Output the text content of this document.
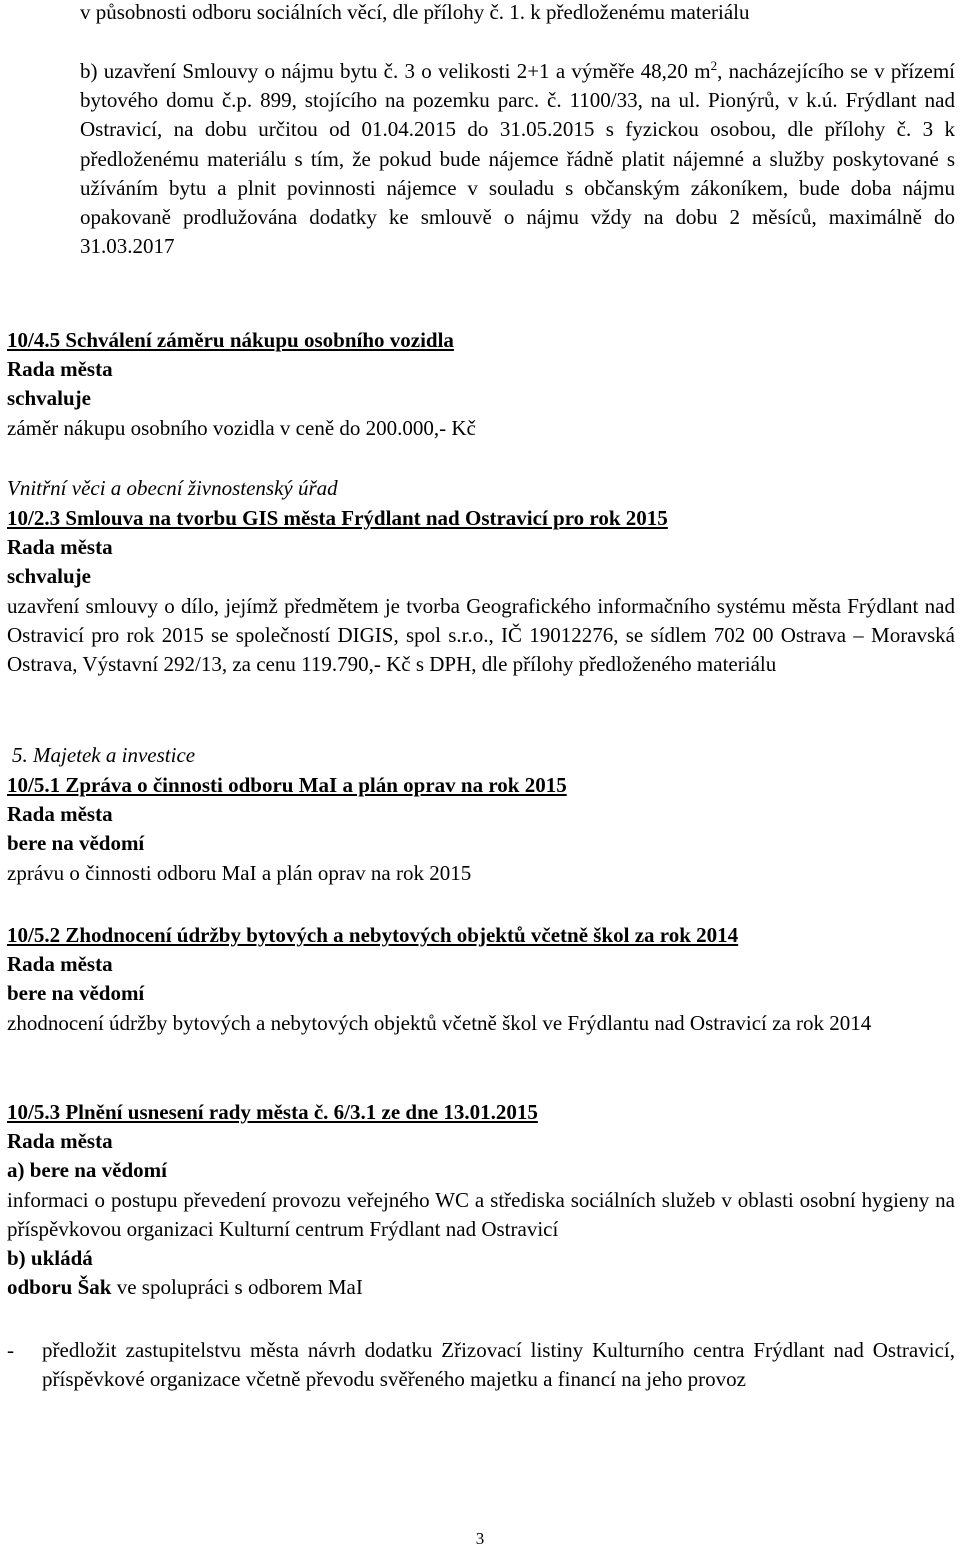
v působnosti odboru sociálních věcí, dle přílohy č. 1. k předloženému materiálu

b) uzavření Smlouvy o nájmu bytu č. 3 o velikosti 2+1 a výměře 48,20 $m^2$, nacházejícího se v přízemí bytového domu č.p. 899, stojícího na pozemku parc. č. 1100/33, na ul. Pionýrů, v k.ú. Frýdlant nad Ostravicí, na dobu určitou od 01.04.2015 do 31.05.2015 s fyzickou osobou, dle přílohy č. 3 k předloženému materiálu s tím, že pokud bude nájemce řádně platit nájemné a služby poskytované s užíváním bytu a plnit povinnosti nájemce v souladu s občanským zákoníkem, bude doba nájmu opakovaně prodlužována dodatky ke smlouvě o nájmu vždy na dobu 2 měsíců, maximálně do 31.03.2017

10/4.5 Schválení záměru nákupu osobního vozidla

Rada města

schvaluje

záměr nákupu osobního vozidla v ceně do 200.000,- Kč

Vnitřní věci a obecní živnostenský úřad

10/2.3 Smlouva na tvorbu GIS města Frýdlant nad Ostravicí pro rok 2015

Rada města

schvaluje

uzavření smlouvy o dílo, jejímž předmětem je tvorba Geografického informačního systému města Frýdlant nad Ostravicí pro rok 2015 se společností DIGIS, spol s.r.o., IČ 19012276, se sídlem 702 00 Ostrava – Moravská Ostrava, Výstavní 292/13, za cenu 119.790,- Kč s DPH, dle přílohy předloženého materiálu

5. Majetek a investice

10/5.1 Zpráva o činnosti odboru MaI a plán oprav na rok 2015

Rada města

bere na vědomí

zprávu o činnosti odboru MaI a plán oprav na rok 2015

10/5.2 Zhodnocení údržby bytových a nebytových objektů včetně škol za rok 2014

Rada města

bere na vědomí

zhodnocení údržby bytových a nebytových objektů včetně škol ve Frýdlantu nad Ostravicí za rok 2014

10/5.3 Plnění usnesení rady města č. 6/3.1 ze dne 13.01.2015

Rada města

a) bere na vědomí

informaci o postupu převedení provozu veřejného WC a střediska sociálních služeb v oblasti osobní hygieny na příspěvkovou organizaci Kulturní centrum Frýdlant nad Ostravicí

b) ukládá

odboru Šak ve spolupráci s odborem MaI

-	předložit zastupitelstvu města návrh dodatku Zřizovací listiny Kulturního centra Frýdlant nad Ostravicí, příspěvkové organizace včetně převodu svěřeného majetku a financí na jeho provoz

3
